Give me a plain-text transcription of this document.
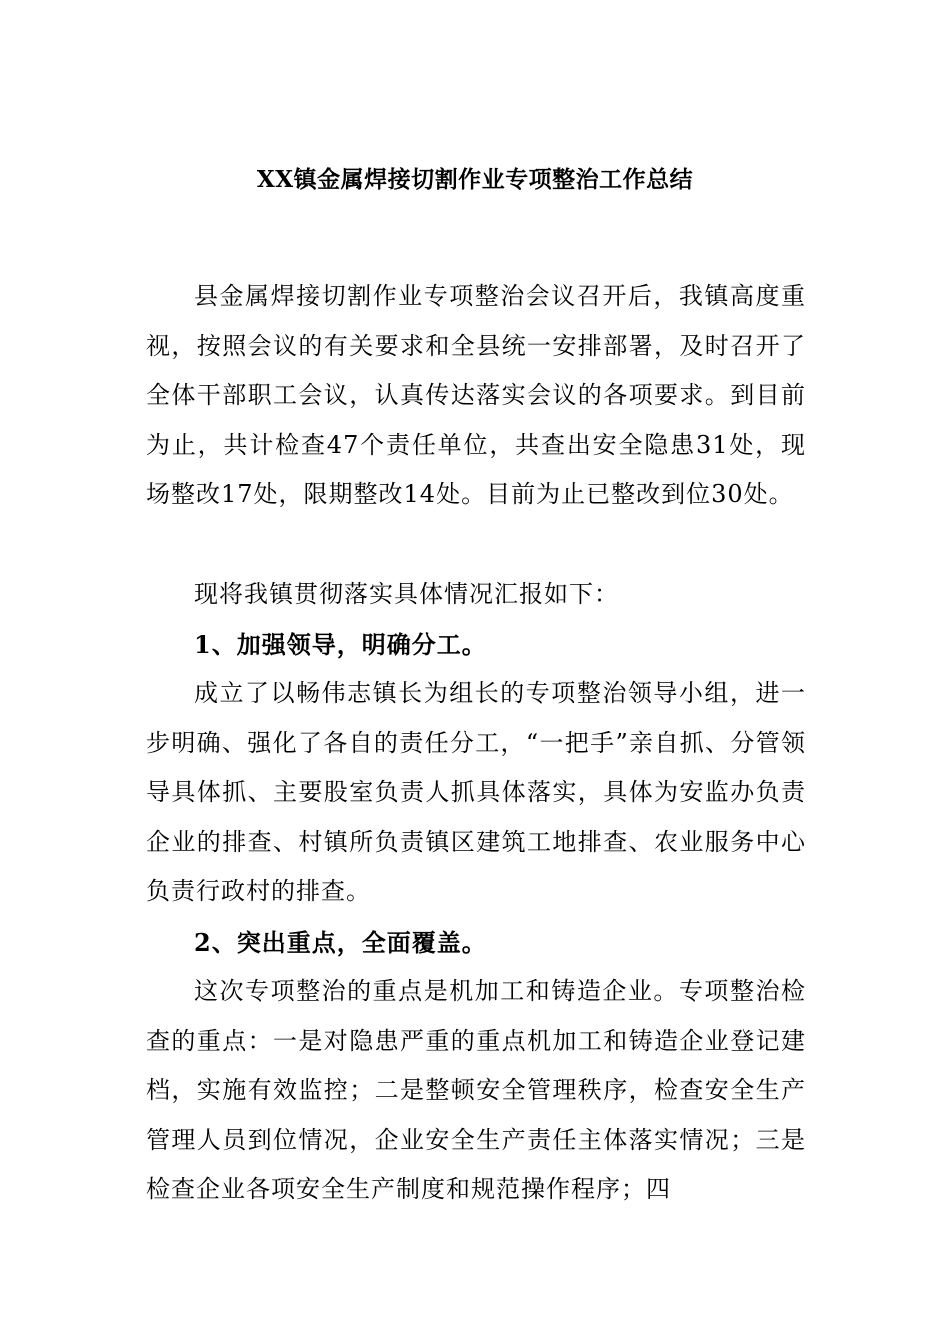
XX镇金属焊接切割作业专项整治工作总结

县金属焊接切割作业专项整治会议召开后，我镇高度重视，按照会议的有关要求和全县统一安排部署，及时召开了全体干部职工会议，认真传达落实会议的各项要求。到目前为止，共计检查47个责任单位，共查出安全隐患31处，现场整改17处，限期整改14处。目前为止已整改到位30处。

现将我镇贯彻落实具体情况汇报如下：

1、加强领导，明确分工。

成立了以畅伟志镇长为组长的专项整治领导小组，进一步明确、强化了各自的责任分工，“一把手”亲自抓、分管领导具体抓、主要股室负责人抓具体落实，具体为安监办负责企业的排查、村镇所负责镇区建筑工地排查、农业服务中心负责行政村的排查。

2、突出重点，全面覆盖。

这次专项整治的重点是机加工和铸造企业。专项整治检查的重点：一是对隐患严重的重点机加工和铸造企业登记建档，实施有效监控；二是整顿安全管理秩序，检查安全生产管理人员到位情况，企业安全生产责任主体落实情况；三是检查企业各项安全生产制度和规范操作程序；四
